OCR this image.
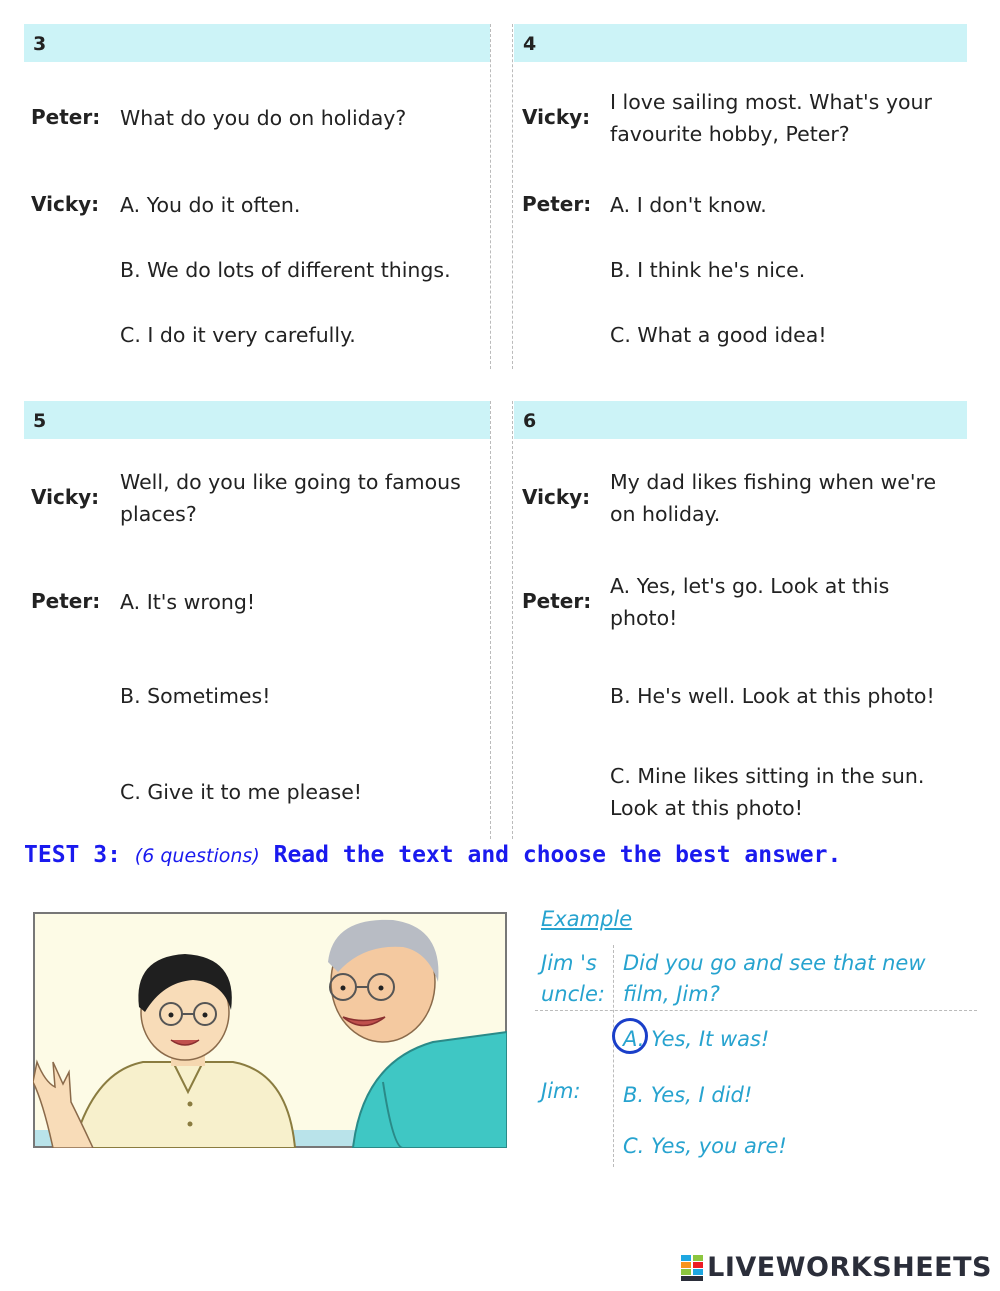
3
Peter: What do you do on holiday?
Vicky: A. You do it often.
B. We do lots of different things.
C. I do it very carefully.
4
Vicky:
I love sailing most. What's your favourite hobby, Peter?
Peter: A. I don't know.
B. I think he's nice.
C. What a good idea!
5
Vicky:
Well, do you like going to famous places?
Peter: A. It's wrong!
B. Sometimes!
C. Give it to me please!
6
Vicky:
My dad likes fishing when we're on holiday.
Peter:
A. Yes, let's go. Look at this photo!
B. He's well. Look at this photo!
C. Mine likes sitting in the sun. Look at this photo!
TEST 3: (6 questions) Read the text and choose the best answer.
Example
Jim 's uncle:
Did you go and see that new film, Jim?
Jim:
A. Yes, It was!
B. Yes, I did!
C. Yes, you are!
LIVEWORKSHEETS
